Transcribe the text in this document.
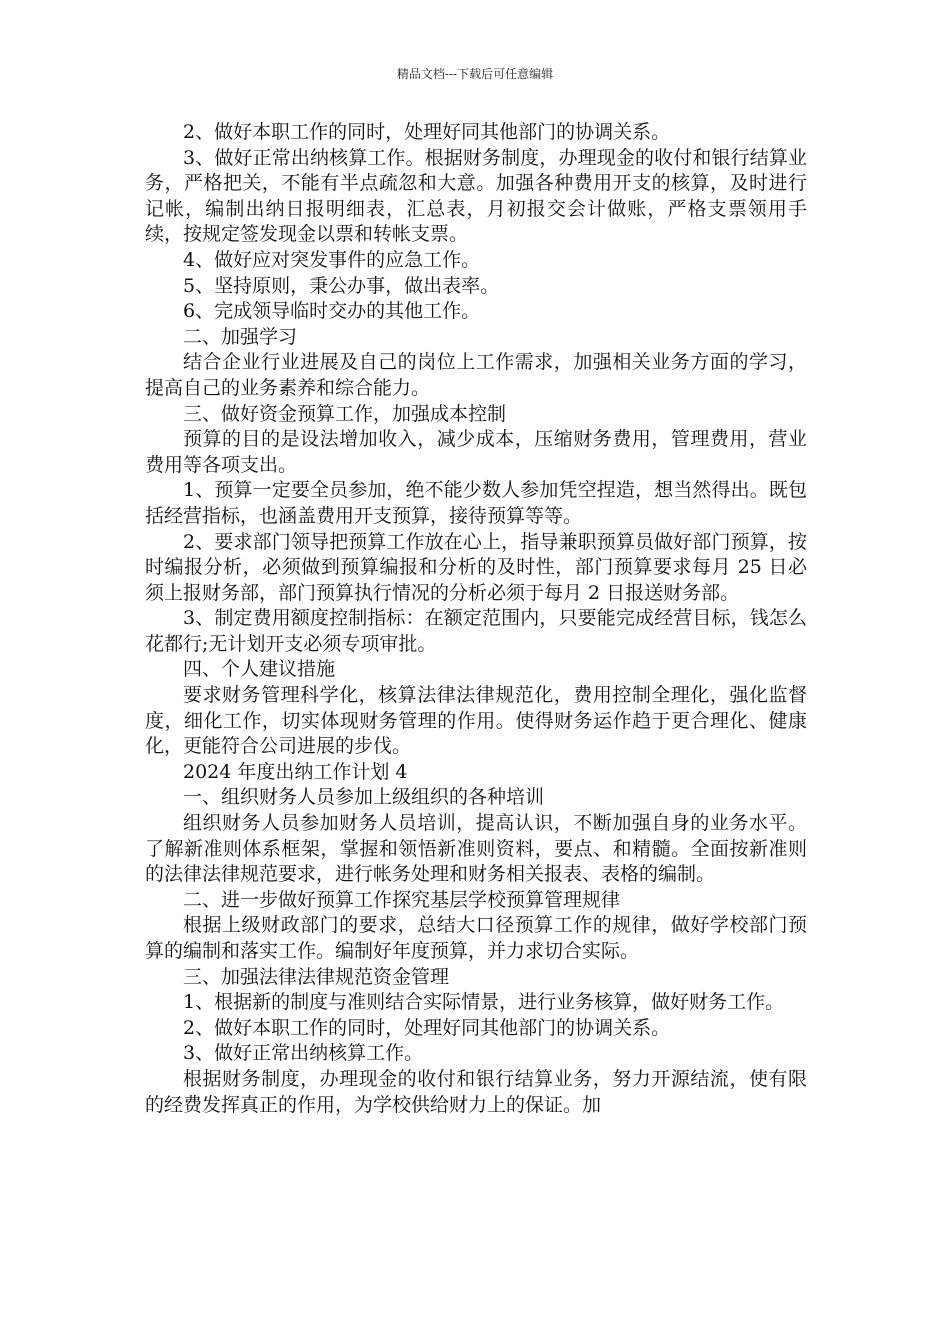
精品文档---下载后可任意编辑

2、做好本职工作的同时，处理好同其他部门的协调关系。

3、做好正常出纳核算工作。根据财务制度，办理现金的收付和银行结算业务，严格把关，不能有半点疏忽和大意。加强各种费用开支的核算，及时进行记帐，编制出纳日报明细表，汇总表，月初报交会计做账，严格支票领用手续，按规定签发现金以票和转帐支票。

4、做好应对突发事件的应急工作。

5、坚持原则，秉公办事，做出表率。

6、完成领导临时交办的其他工作。

二、加强学习

结合企业行业进展及自己的岗位上工作需求，加强相关业务方面的学习，提高自己的业务素养和综合能力。

三、做好资金预算工作，加强成本控制

预算的目的是设法增加收入，减少成本，压缩财务费用，管理费用，营业费用等各项支出。

1、预算一定要全员参加，绝不能少数人参加凭空捏造，想当然得出。既包括经营指标，也涵盖费用开支预算，接待预算等等。

2、要求部门领导把预算工作放在心上，指导兼职预算员做好部门预算，按时编报分析，必须做到预算编报和分析的及时性，部门预算要求每月 25 日必须上报财务部，部门预算执行情况的分析必须于每月 2 日报送财务部。

3、制定费用额度控制指标：在额定范围内，只要能完成经营目标，钱怎么花都行;无计划开支必须专项审批。

四、个人建议措施

要求财务管理科学化，核算法律法律规范化，费用控制全理化，强化监督度，细化工作，切实体现财务管理的作用。使得财务运作趋于更合理化、健康化，更能符合公司进展的步伐。

2024 年度出纳工作计划 4

一、组织财务人员参加上级组织的各种培训

组织财务人员参加财务人员培训，提高认识，不断加强自身的业务水平。了解新准则体系框架，掌握和领悟新准则资料，要点、和精髓。全面按新准则的法律法律规范要求，进行帐务处理和财务相关报表、表格的编制。

二、进一步做好预算工作探究基层学校预算管理规律

根据上级财政部门的要求，总结大口径预算工作的规律，做好学校部门预算的编制和落实工作。编制好年度预算，并力求切合实际。

三、加强法律法律规范资金管理

1、根据新的制度与准则结合实际情景，进行业务核算，做好财务工作。

2、做好本职工作的同时，处理好同其他部门的协调关系。

3、做好正常出纳核算工作。

根据财务制度，办理现金的收付和银行结算业务，努力开源结流，使有限的经费发挥真正的作用，为学校供给财力上的保证。加
